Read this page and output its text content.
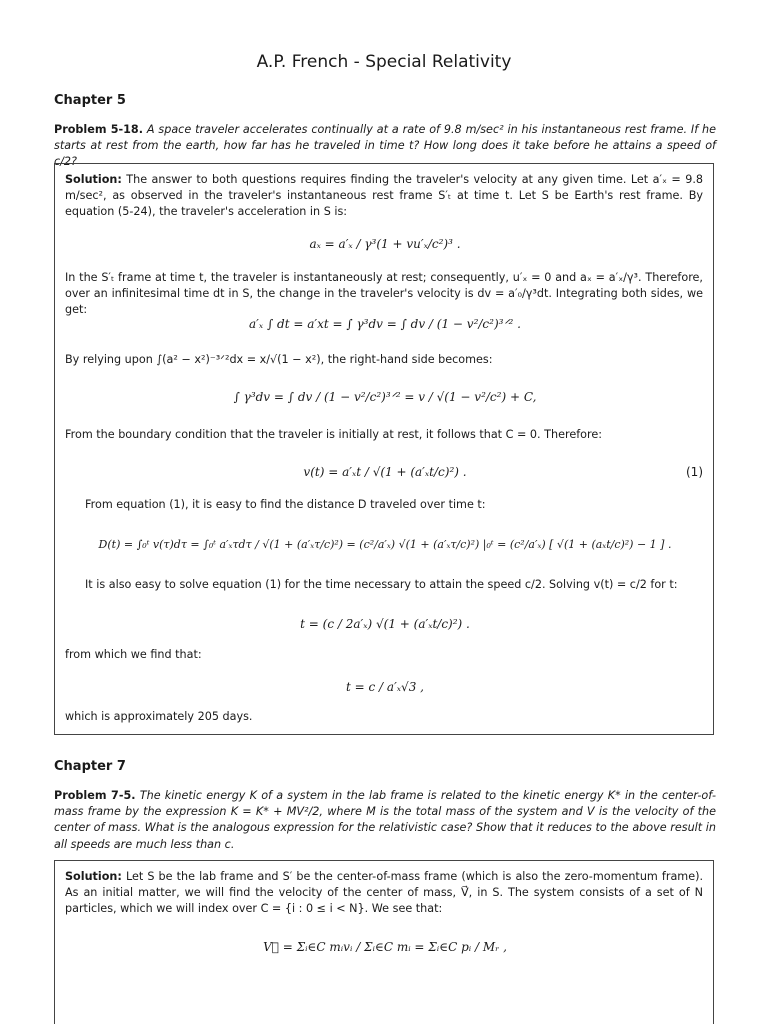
A.P. French - Special Relativity
Chapter 5
Problem 5-18. A space traveler accelerates continually at a rate of 9.8 m/sec² in his instantaneous rest frame. If he starts at rest from the earth, how far has he traveled in time t? How long does it take before he attains a speed of c/2?
Solution: The answer to both questions requires finding the traveler's velocity at any given time. Let a′ₓ = 9.8 m/sec², as observed in the traveler's instantaneous rest frame S′ₜ at time t. Let S be Earth's rest frame. By equation (5-24), the traveler's acceleration in S is:
aₓ = a′ₓ / γ³(1 + vu′ₓ/c²)³ .
In the S′ₜ frame at time t, the traveler is instantaneously at rest; consequently, u′ₓ = 0 and aₓ = a′ₓ/γ³. Therefore, over an infinitesimal time dt in S, the change in the traveler's velocity is dv = a′₀/γ³dt. Integrating both sides, we get:
a′ₓ ∫ dt = a′xt = ∫ γ³dv = ∫ dv / (1 − v²/c²)³ᐟ² .
By relying upon ∫(a² − x²)⁻³ᐟ²dx = x/√(1 − x²), the right-hand side becomes:
∫ γ³dv = ∫ dv / (1 − v²/c²)³ᐟ² = v / √(1 − v²/c²) + C,
From the boundary condition that the traveler is initially at rest, it follows that C = 0. Therefore:
v(t) = a′ₓt / √(1 + (a′ₓt/c)²) .	(1)
From equation (1), it is easy to find the distance D traveled over time t:
D(t) = ∫₀ᵗ v(τ)dτ = ∫₀ᵗ a′ₓτdτ / √(1 + (a′ₓτ/c)²) = (c²/a′ₓ) √(1 + (a′ₓτ/c)²) |₀ᵗ = (c²/a′ₓ) [ √(1 + (aₓt/c)²) − 1 ] .
It is also easy to solve equation (1) for the time necessary to attain the speed c/2. Solving v(t) = c/2 for t:
t = (c / 2a′ₓ) √(1 + (a′ₓt/c)²) .
from which we find that:
t = c / a′ₓ√3 ,
which is approximately 205 days.
Chapter 7
Problem 7-5. The kinetic energy K of a system in the lab frame is related to the kinetic energy K* in the center-of-mass frame by the expression K = K* + MV²/2, where M is the total mass of the system and V is the velocity of the center of mass. What is the analogous expression for the relativistic case? Show that it reduces to the above result in all speeds are much less than c.
Solution: Let S be the lab frame and S′ be the center-of-mass frame (which is also the zero-momentum frame). As an initial matter, we will find the velocity of the center of mass, V⃗, in S. The system consists of a set of N particles, which we will index over C = {i : 0 ≤ i < N}. We see that:
V⃗ = Σᵢ∈C mᵢvᵢ / Σᵢ∈C mᵢ = Σᵢ∈C pᵢ / Mᵣ ,
